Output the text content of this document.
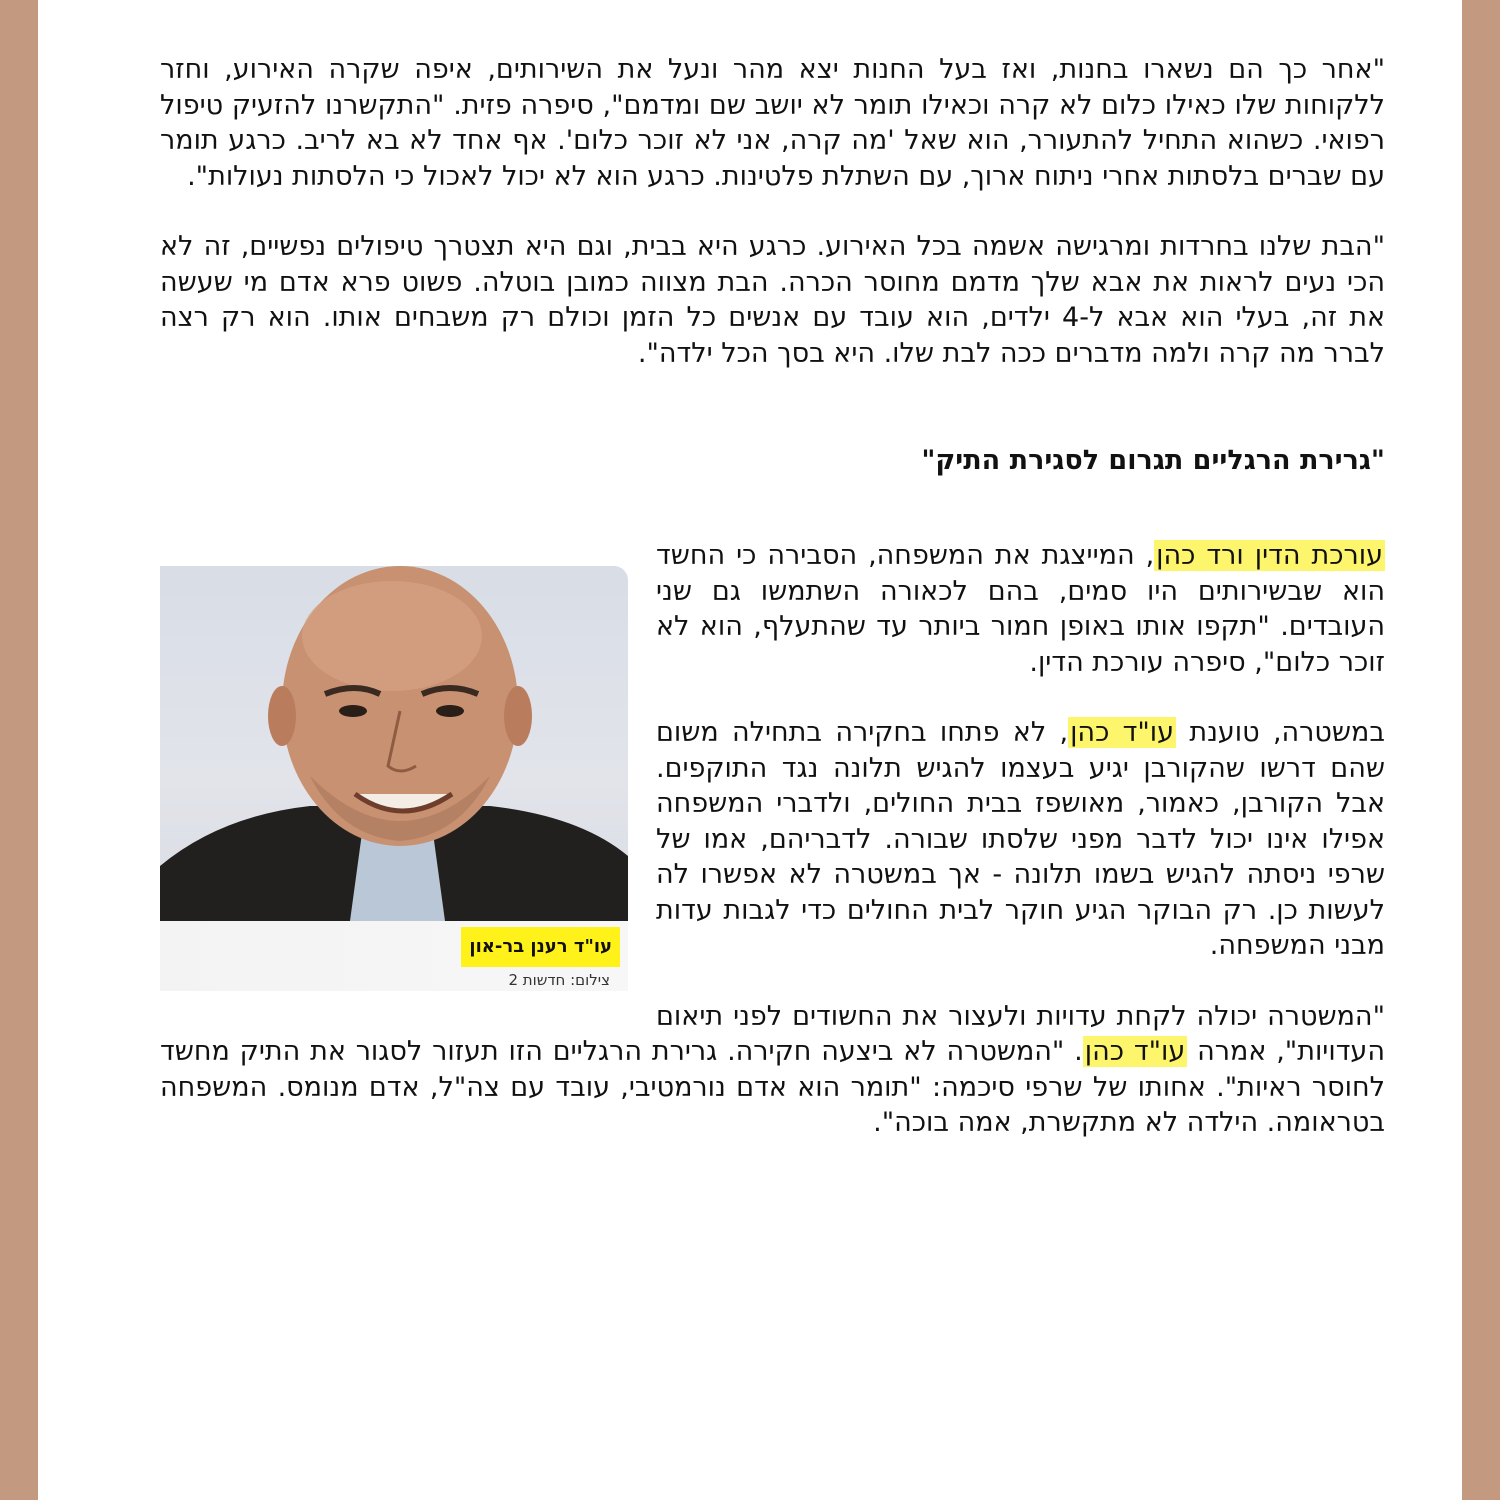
"אחר כך הם נשארו בחנות, ואז בעל החנות יצא מהר ונעל את השירותים, איפה שקרה האירוע, וחזר ללקוחות שלו כאילו כלום לא קרה וכאילו תומר לא יושב שם ומדמם", סיפרה פזית. "התקשרנו להזעיק טיפול רפואי. כשהוא התחיל להתעורר, הוא שאל 'מה קרה, אני לא זוכר כלום'. אף אחד לא בא לריב. כרגע תומר עם שברים בלסתות אחרי ניתוח ארוך, עם השתלת פלטינות. כרגע הוא לא יכול לאכול כי הלסתות נעולות".

"הבת שלנו בחרדות ומרגישה אשמה בכל האירוע. כרגע היא בבית, וגם היא תצטרך טיפולים נפשיים, זה לא הכי נעים לראות את אבא שלך מדמם מחוסר הכרה. הבת מצווה כמובן בוטלה. פשוט פרא אדם מי שעשה את זה, בעלי הוא אבא ל-4 ילדים, הוא עובד עם אנשים כל הזמן וכולם רק משבחים אותו. הוא רק רצה לברר מה קרה ולמה מדברים ככה לבת שלו. היא בסך הכל ילדה".

"גרירת הרגליים תגרום לסגירת התיק"

עו"ד רענן בר-און
צילום: חדשות 2

עורכת הדין ורד כהן, המייצגת את המשפחה, הסבירה כי החשד הוא שבשירותים היו סמים, בהם לכאורה השתמשו גם שני העובדים. "תקפו אותו באופן חמור ביותר עד שהתעלף, הוא לא זוכר כלום", סיפרה עורכת הדין.

במשטרה, טוענת עו"ד כהן, לא פתחו בחקירה בתחילה משום שהם דרשו שהקורבן יגיע בעצמו להגיש תלונה נגד התוקפים. אבל הקורבן, כאמור, מאושפז בבית החולים, ולדברי המשפחה אפילו אינו יכול לדבר מפני שלסתו שבורה. לדבריהם, אמו של שרפי ניסתה להגיש בשמו תלונה - אך במשטרה לא אפשרו לה לעשות כן. רק הבוקר הגיע חוקר לבית החולים כדי לגבות עדות מבני המשפחה.

"המשטרה יכולה לקחת עדויות ולעצור את החשודים לפני תיאום העדויות", אמרה עו"ד כהן. "המשטרה לא ביצעה חקירה. גרירת הרגליים הזו תעזור לסגור את התיק מחשד לחוסר ראיות". אחותו של שרפי סיכמה: "תומר הוא אדם נורמטיבי, עובד עם צה"ל, אדם מנומס. המשפחה בטראומה. הילדה לא מתקשרת, אמה בוכה".
